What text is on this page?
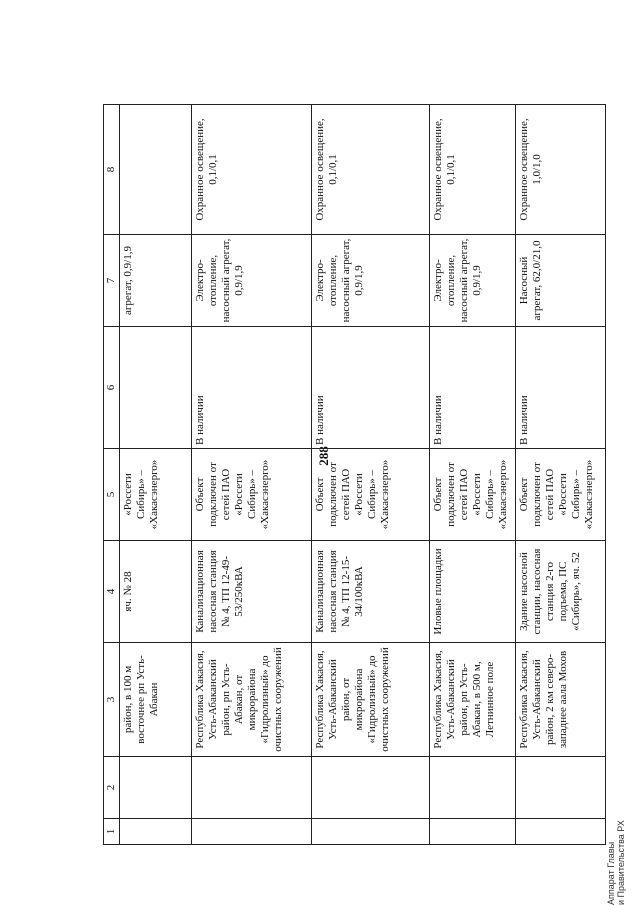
288
1	2	3	4	5	6	7	8
		район, в 100 м восточнее рп Усть-Абакан	яч. № 28	«Россети Сибирь» – «Хакасэнерго»		агрегат, 0,9/1,9	
		Республика Хакасия, Усть-Абаканский район, рп Усть-Абакан, от микрорайона «Гидролизный» до очистных сооружений	Канализационная насосная станция № 4, ТП 12-49-53/250кВА	Объект подключен от сетей ПАО «Россети Сибирь» – «Хакасэнерго»	В наличии	Электро-отопление, насосный агрегат, 0,9/1,9	Охранное освещение, 0,1/0,1
		Республика Хакасия, Усть-Абаканский район, от микрорайона «Гидролизный» до очистных сооружений	Канализационная насосная станция № 4, ТП 12-15-34/100кВА	Объект подключен от сетей ПАО «Россети Сибирь» – «Хакасэнерго»	В наличии	Электро-отопление, насосный агрегат, 0,9/1,9	Охранное освещение, 0,1/0,1
		Республика Хакасия, Усть-Абаканский район, рп Усть-Абакан, в 500 м, Летнинное поле	Иловые площадки	Объект подключен от сетей ПАО «Россети Сибирь» – «Хакасэнерго»	В наличии	Электро-отопление, насосный агрегат, 0,9/1,9	Охранное освещение, 0,1/0,1
		Республика Хакасия, Усть-Абаканский район, 2 км северо-западнее аала Мохов	Здание насосной станции, насосная станция 2-го подъема, ПС «Сибирь», яч. 52	Объект подключен от сетей ПАО «Россети Сибирь» – «Хакасэнерго»	В наличии	Насосный агрегат, 62,0/21,0	Охранное освещение, 1,0/1,0
Аппарат Главы и Правительства РХ
